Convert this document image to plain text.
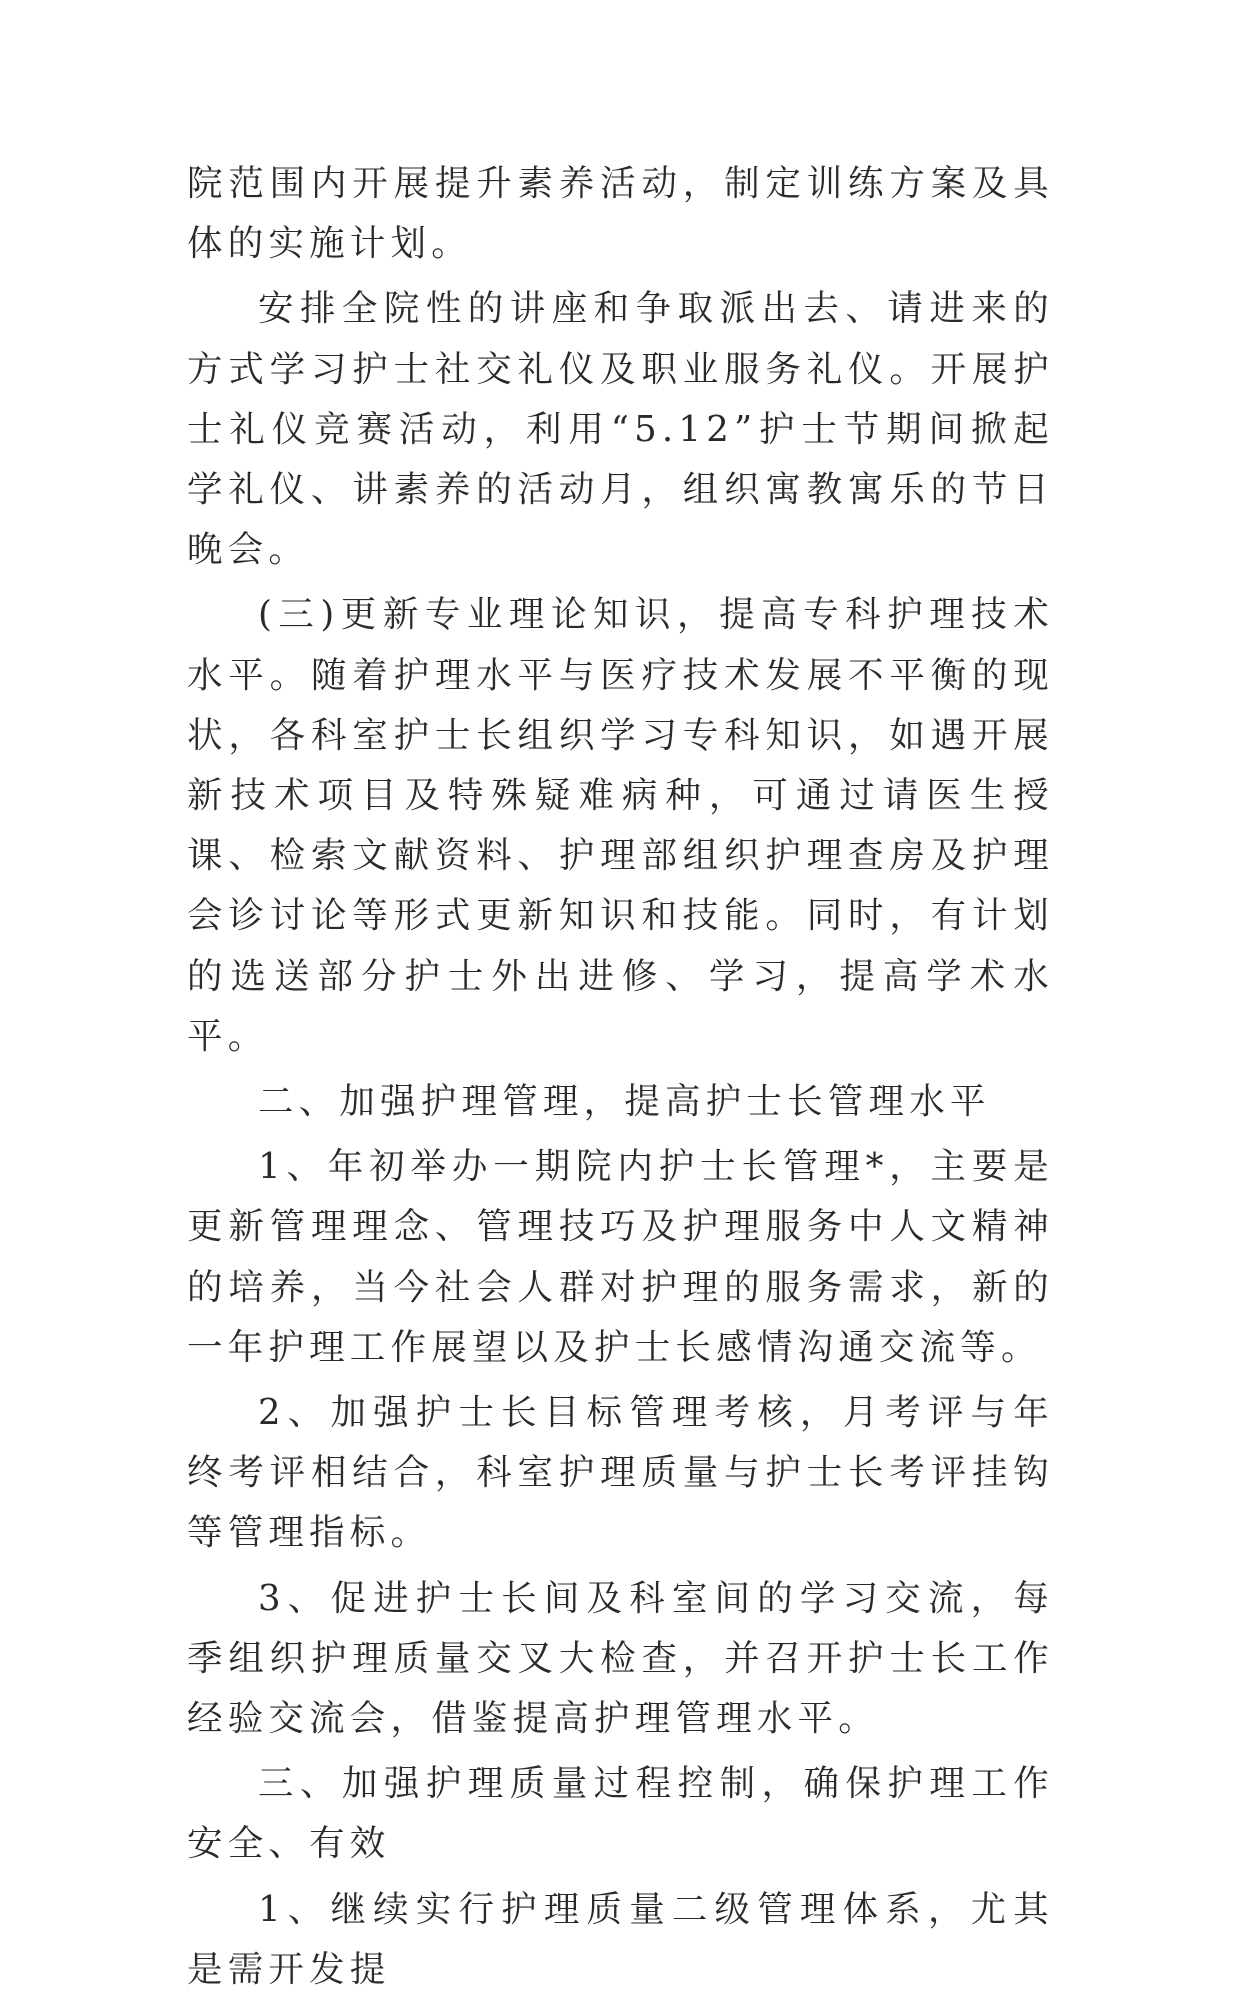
院范围内开展提升素养活动，制定训练方案及具体的实施计划。

安排全院性的讲座和争取派出去、请进来的方式学习护士社交礼仪及职业服务礼仪。开展护士礼仪竞赛活动，利用“5.12”护士节期间掀起学礼仪、讲素养的活动月，组织寓教寓乐的节日晚会。

(三)更新专业理论知识，提高专科护理技术水平。随着护理水平与医疗技术发展不平衡的现状，各科室护士长组织学习专科知识，如遇开展新技术项目及特殊疑难病种，可通过请医生授课、检索文献资料、护理部组织护理查房及护理会诊讨论等形式更新知识和技能。同时，有计划的选送部分护士外出进修、学习，提高学术水平。

二、加强护理管理，提高护士长管理水平

1、年初举办一期院内护士长管理*，主要是更新管理理念、管理技巧及护理服务中人文精神的培养，当今社会人群对护理的服务需求，新的一年护理工作展望以及护士长感情沟通交流等。

2、加强护士长目标管理考核，月考评与年终考评相结合，科室护理质量与护士长考评挂钩等管理指标。

3、促进护士长间及科室间的学习交流，每季组织护理质量交叉大检查，并召开护士长工作经验交流会，借鉴提高护理管理水平。

三、加强护理质量过程控制，确保护理工作安全、有效

1、继续实行护理质量二级管理体系，尤其是需开发提
